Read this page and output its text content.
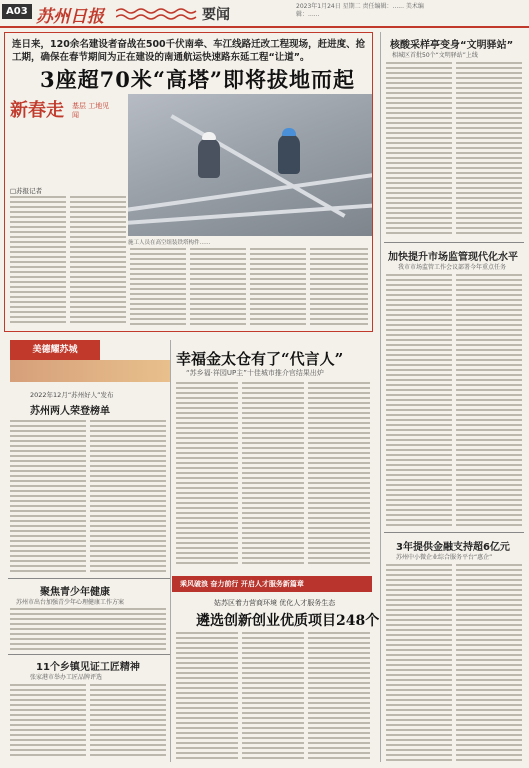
A03 苏州日报	要闻
2023年1月24日 星期二 责任编辑：...... 美术编辑：......
连日来，120余名建设者奋战在500千伏南牵、车江线路迁改工程现场，赶进度、抢工期，确保在春节期间为正在建设的南通航运快速路东延工程“让道”。
3座超70米“高塔”即将拔地而起
新春走 基层 工地见闻
施工人员在高空组装铁塔构件……
□苏报记者
核酸采样亭变身“文明驿站”
相城区首批50个“文明驿站”上线
加快提升市场监管现代化水平
我市市场监管工作会议部署今年重点任务
3年提供金融支持超6亿元
苏州中小微企业综合服务平台“惠企”
美德耀苏城
2022年12月“苏州好人”发布
苏州两人荣登榜单
聚焦青少年健康
苏州市出台加强青少年心理健康工作方案
11个乡镇见证工匠精神
张家港市举办工匠品牌评选
幸福金太仓有了“代言人”
“苏乡福·祥园UP主”十佳城市推介官结果出炉
乘风破浪 奋力前行 开启人才服务新篇章
姑苏区着力营商环境 优化人才服务生态
遴选创新创业优质项目248个
